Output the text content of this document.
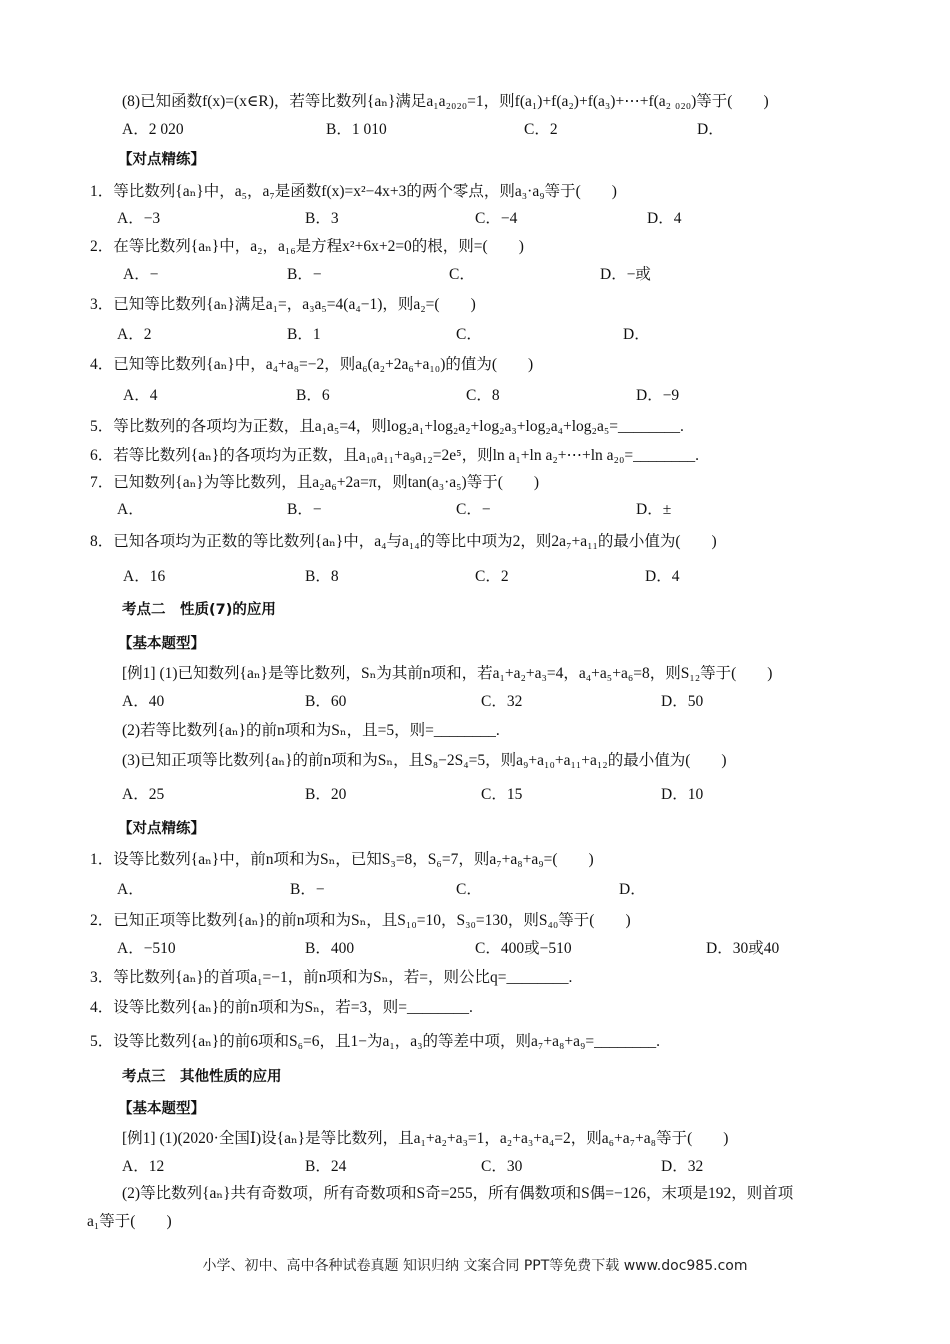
(8)已知函数f(x)=(x∈R)，若等比数列{aₙ}满足a₁a₂₀₂₀=1，则f(a₁)+f(a₂)+f(a₃)+⋯+f(a₂ ₀₂₀)等于(　　)
A．2 020	B．1 010	C．2	D．
【对点精练】
1．等比数列{aₙ}中，a₅，a₇是函数f(x)=x²−4x+3的两个零点，则a₃·a₉等于(　　)
A．−3	B．3	C．−4	D．4
2．在等比数列{aₙ}中，a₂，a₁₆是方程x²+6x+2=0的根，则=(　　)
A．−	B．−	C．	D．−或
3．已知等比数列{aₙ}满足a₁=，a₃a₅=4(a₄−1)，则a₂=(　　)
A．2	B．1	C．	D．
4．已知等比数列{aₙ}中，a₄+a₈=−2，则a₆(a₂+2a₆+a₁₀)的值为(　　)
A．4	B．6	C．8	D．−9
5．等比数列的各项均为正数，且a₁a₅=4，则log₂a₁+log₂a₂+log₂a₃+log₂a₄+log₂a₅=________.
6．若等比数列{aₙ}的各项均为正数，且a₁₀a₁₁+a₉a₁₂=2e⁵，则ln a₁+ln a₂+⋯+ln a₂₀=________.
7．已知数列{aₙ}为等比数列，且a₂a₆+2a=π，则tan(a₃·a₅)等于(　　)
A．	B．−	C．−	D．±
8．已知各项均为正数的等比数列{aₙ}中，a₄与a₁₄的等比中项为2，则2a₇+a₁₁的最小值为(　　)
A．16	B．8	C．2	D．4
考点二　性质(7)的应用
【基本题型】
[例1] (1)已知数列{aₙ}是等比数列，Sₙ为其前n项和，若a₁+a₂+a₃=4，a₄+a₅+a₆=8，则S₁₂等于(　　)
A．40	B．60	C．32	D．50
(2)若等比数列{aₙ}的前n项和为Sₙ，且=5，则=________.
(3)已知正项等比数列{aₙ}的前n项和为Sₙ，且S₈−2S₄=5，则a₉+a₁₀+a₁₁+a₁₂的最小值为(　　)
A．25	B．20	C．15	D．10
【对点精练】
1．设等比数列{aₙ}中，前n项和为Sₙ，已知S₃=8，S₆=7，则a₇+a₈+a₉=(　　)
A．	B．−	C．	D．
2．已知正项等比数列{aₙ}的前n项和为Sₙ，且S₁₀=10，S₃₀=130，则S₄₀等于(　　)
A．−510	B．400	C．400或−510	D．30或40
3．等比数列{aₙ}的首项a₁=−1，前n项和为Sₙ，若=，则公比q=________.
4．设等比数列{aₙ}的前n项和为Sₙ，若=3，则=________.
5．设等比数列{aₙ}的前6项和S₆=6，且1−为a₁，a₃的等差中项，则a₇+a₈+a₉=________.
考点三　其他性质的应用
【基本题型】
[例1] (1)(2020·全国Ⅰ)设{aₙ}是等比数列，且a₁+a₂+a₃=1，a₂+a₃+a₄=2，则a₆+a₇+a₈等于(　　)
A．12	B．24	C．30	D．32
(2)等比数列{aₙ}共有奇数项，所有奇数项和S奇=255，所有偶数项和S偶=−126，末项是192，则首项
a₁等于(　　)
小学、初中、高中各种试卷真题 知识归纳 文案合同 PPT等免费下载 www.doc985.com
